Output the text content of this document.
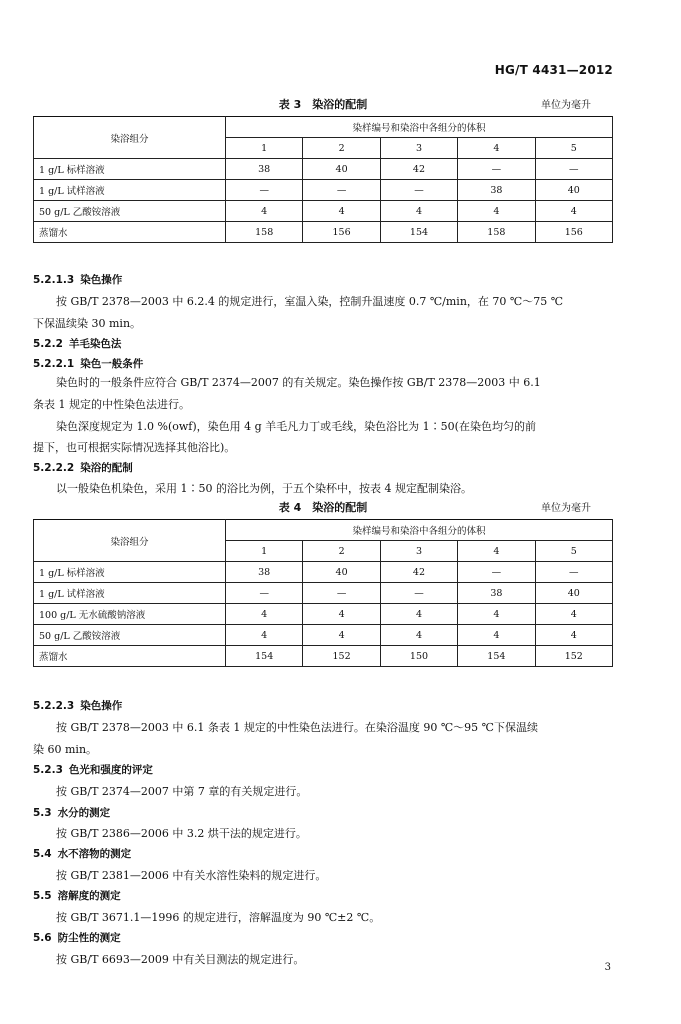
HG/T 4431—2012
表 3　染浴的配制	单位为毫升
染浴组分	染样编号和染浴中各组分的体积				
	1	2	3	4	5
1 g/L 标样溶液	38	40	42	—	—
1 g/L 试样溶液	—	—	—	38	40
50 g/L 乙酸铵溶液	4	4	4	4	4
蒸馏水	158	156	154	158	156
5.2.1.3 染色操作
按 GB/T 2378—2003 中 6.2.4 的规定进行，室温入染，控制升温速度 0.7 ℃/min，在 70 ℃～75 ℃
下保温续染 30 min。
5.2.2 羊毛染色法
5.2.2.1 染色一般条件
染色时的一般条件应符合 GB/T 2374—2007 的有关规定。染色操作按 GB/T 2378—2003 中 6.1
条表 1 规定的中性染色法进行。
染色深度规定为 1.0 %(owf)，染色用 4 g 羊毛凡力丁或毛线，染色浴比为 1∶50(在染色均匀的前
提下，也可根据实际情况选择其他浴比)。
5.2.2.2 染浴的配制
以一般染色机染色，采用 1∶50 的浴比为例，于五个染杯中，按表 4 规定配制染浴。
表 4　染浴的配制	单位为毫升
染浴组分	染样编号和染浴中各组分的体积				
	1	2	3	4	5
1 g/L 标样溶液	38	40	42	—	—
1 g/L 试样溶液	—	—	—	38	40
100 g/L 无水硫酸钠溶液	4	4	4	4	4
50 g/L 乙酸铵溶液	4	4	4	4	4
蒸馏水	154	152	150	154	152
5.2.2.3 染色操作
按 GB/T 2378—2003 中 6.1 条表 1 规定的中性染色法进行。在染浴温度 90 ℃～95 ℃下保温续
染 60 min。
5.2.3 色光和强度的评定
按 GB/T 2374—2007 中第 7 章的有关规定进行。
5.3 水分的测定
按 GB/T 2386—2006 中 3.2 烘干法的规定进行。
5.4 水不溶物的测定
按 GB/T 2381—2006 中有关水溶性染料的规定进行。
5.5 溶解度的测定
按 GB/T 3671.1—1996 的规定进行，溶解温度为 90 ℃±2 ℃。
5.6 防尘性的测定
按 GB/T 6693—2009 中有关目测法的规定进行。
3
